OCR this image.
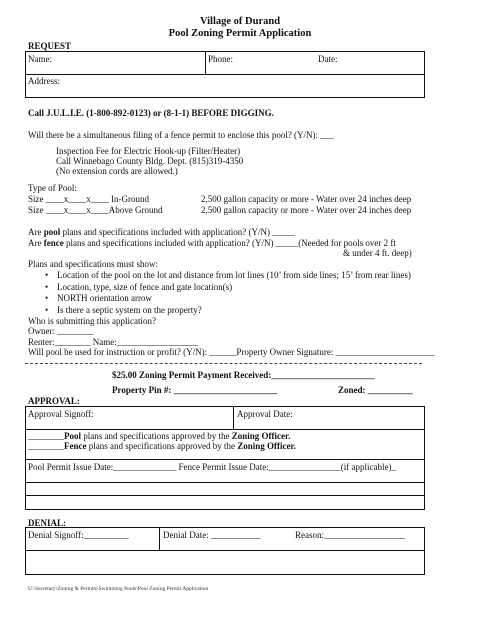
Village of Durand
Pool Zoning Permit Application
REQUEST
Name:	Phone:	Date:
Address:
Call J.U.L.I.E. (1-800-892-0123) or (8-1-1) BEFORE DIGGING.
Will there be a simultaneous filing of a fence permit to enclose this pool? (Y/N): ___
Inspection Fee for Electric Hook-up (Filter/Heater)
Call Winnebago County Bldg. Dept. (815)319-4350
(No extension cords are allowed.)
Type of Pool:
Size ____x____x____ In-Ground	2,500 gallon capacity or more - Water over 24 inches deep
Size ____x____x____Above Ground	2,500 gallon capacity or more - Water over 24 inches deep
Are pool plans and specifications included with application? (Y/N) _____
Are fence plans and specifications included with application? (Y/N) _____(Needed for pools over 2 ft
& under 4 ft. deep)
Plans and specifications must show:
• Location of the pool on the lot and distance from lot lines (10’ from side lines; 15’ from rear lines)
• Location, type, size of fence and gate location(s)
• NORTH orientation arrow
• Is there a septic system on the property?
Who is submitting this application?
Owner: ________
Renter:________ Name:__________________
Will pool be used for instruction or profit? (Y/N): ______Property Owner Signature: ______________________
$25.00 Zoning Permit Payment Received:_______________________
Property Pin #: _______________________	Zoned: __________
APPROVAL:
Approval Signoff:	Approval Date:
________Pool plans and specifications approved by the Zoning Officer.
________Fence plans and specifications approved by the Zoning Officer.
Pool Permit Issue Date:______________ Fence Permit Issue Date:________________(if applicable)_
DENIAL:
Denial Signoff:__________	Denial Date: ___________	Reason:__________________
U:\Secretary\Zoning & Permits\Swimming Pools\Pool Zoning Permit Application
